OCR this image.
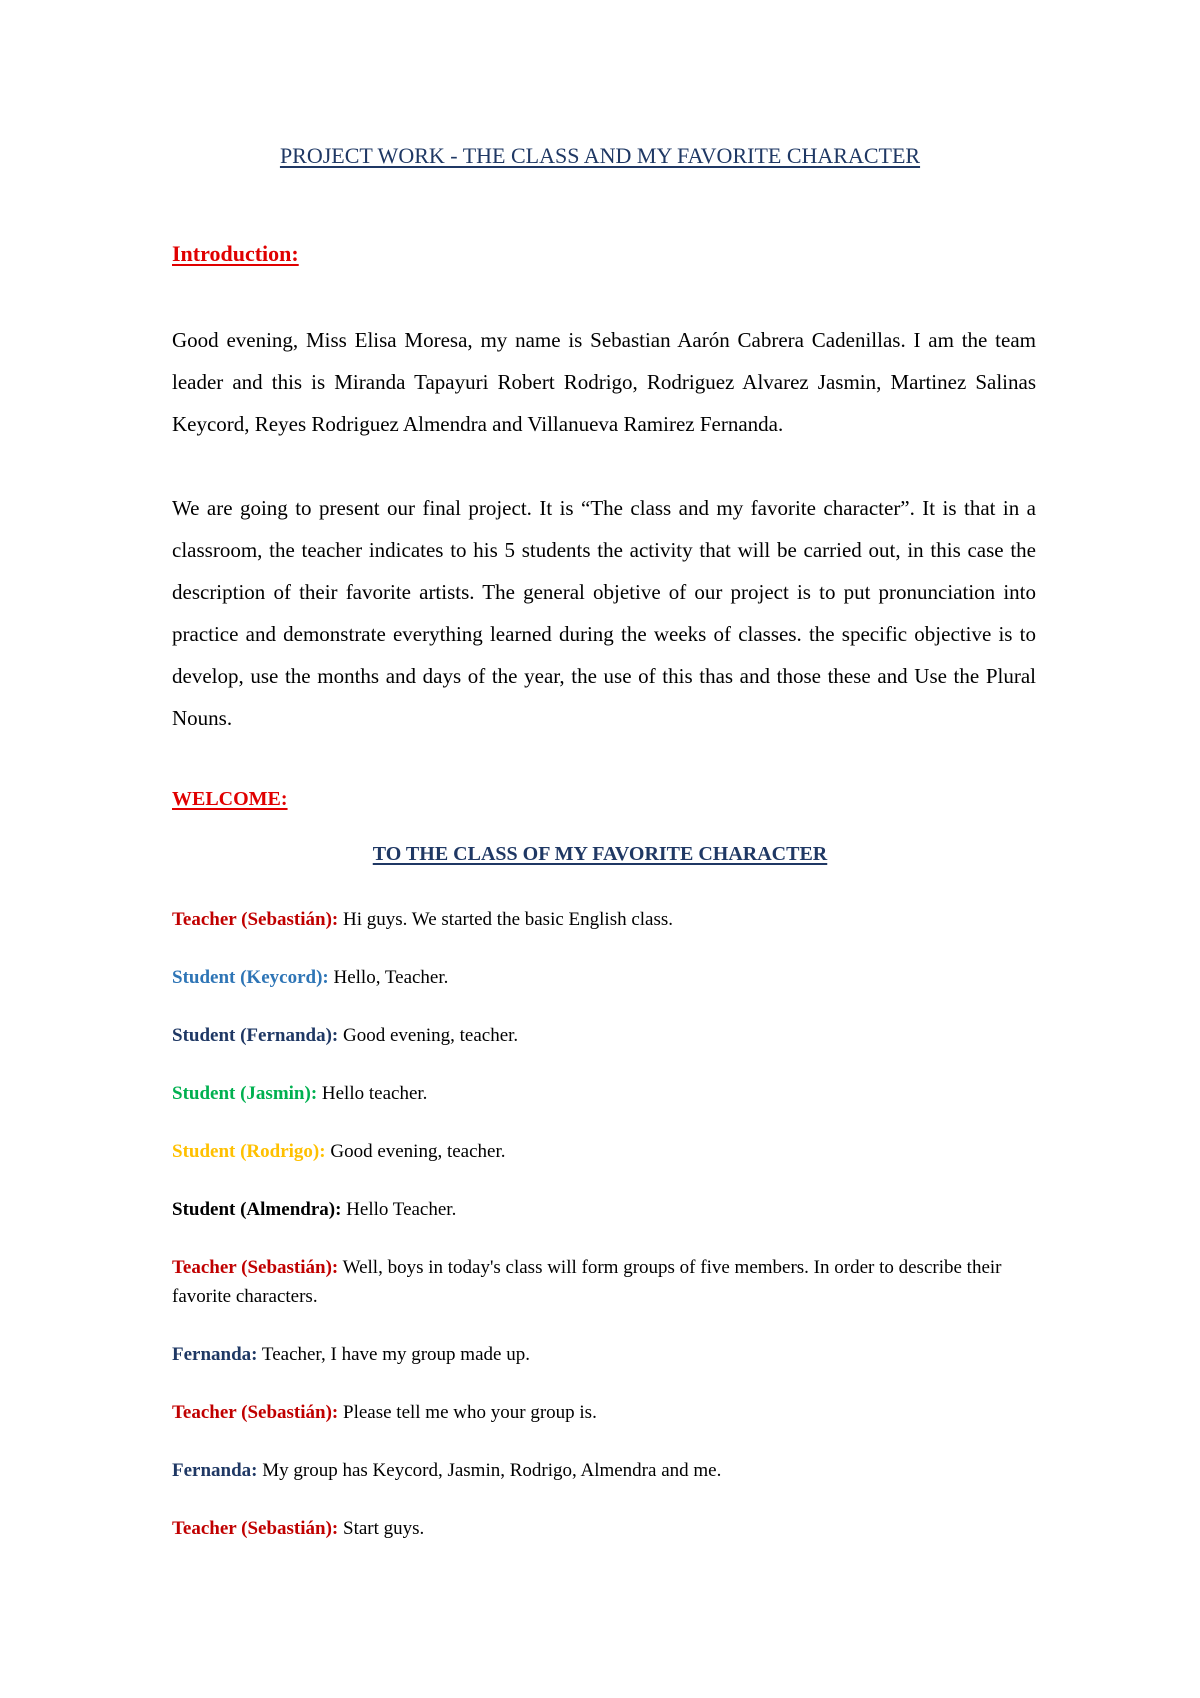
PROJECT WORK - THE CLASS AND MY FAVORITE CHARACTER
Introduction:

Good evening, Miss Elisa Moresa, my name is Sebastian Aarón Cabrera Cadenillas. I am the team leader and this is Miranda Tapayuri Robert Rodrigo, Rodriguez Alvarez Jasmin, Martinez Salinas Keycord, Reyes Rodriguez Almendra and Villanueva Ramirez Fernanda.

We are going to present our final project. It is “The class and my favorite character”. It is that in a classroom, the teacher indicates to his 5 students the activity that will be carried out, in this case the description of their favorite artists. The general objetive of our project is to put pronunciation into practice and demonstrate everything learned during the weeks of classes. the specific objective is to develop, use the months and days of the year, the use of this thas and those these and Use the Plural Nouns.

WELCOME:
TO THE CLASS OF MY FAVORITE CHARACTER
Teacher (Sebastián): Hi guys. We started the basic English class.
Student (Keycord): Hello, Teacher.
Student (Fernanda): Good evening, teacher.
Student (Jasmin): Hello teacher.
Student (Rodrigo): Good evening, teacher.
Student (Almendra): Hello Teacher.
Teacher (Sebastián): Well, boys in today's class will form groups of five members. In order to describe their favorite characters.
Fernanda: Teacher, I have my group made up.
Teacher (Sebastián): Please tell me who your group is.
Fernanda: My group has Keycord, Jasmin, Rodrigo, Almendra and me.
Teacher (Sebastián): Start guys.
